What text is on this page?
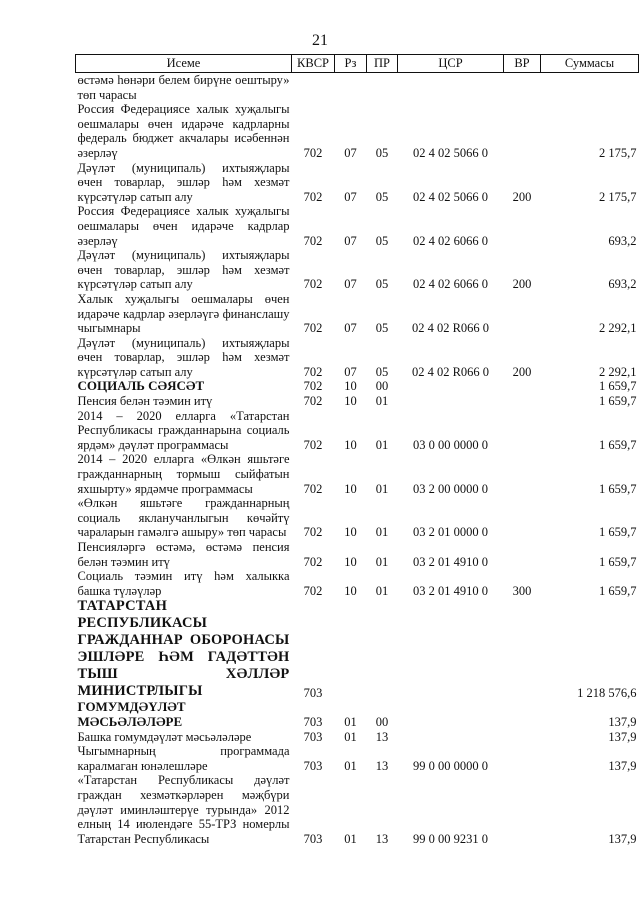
21
Исеме	КВСР	Рз	ПР	ЦСР	ВР	Суммасы
өстәмә һөнәри белем бирүне оештыру» төп чарасы						
Россия Федерациясе халык хуҗалыгы оешмалары өчен идарәче кадрларны федераль бюджет акчалары исәбеннән әзерләү	702	07	05	02 4 02 5066 0		2 175,7
Дәүләт (муниципаль) ихтыяҗлары өчен товарлар, эшләр һәм хезмәт күрсәтүләр сатып алу	702	07	05	02 4 02 5066 0	200	2 175,7
Россия Федерациясе халык хуҗалыгы оешмалары өчен идарәче кадрлар әзерләү	702	07	05	02 4 02 6066 0		693,2
Дәүләт (муниципаль) ихтыяҗлары өчен товарлар, эшләр һәм хезмәт күрсәтүләр сатып алу	702	07	05	02 4 02 6066 0	200	693,2
Халык хуҗалыгы оешмалары өчен идарәче кадрлар әзерләүгә финанслашу чыгымнары	702	07	05	02 4 02 R066 0		2 292,1
Дәүләт (муниципаль) ихтыяҗлары өчен товарлар, эшләр һәм хезмәт күрсәтүләр сатып алу	702	07	05	02 4 02 R066 0	200	2 292,1
СОЦИАЛЬ СӘЯСӘТ	702	10	00			1 659,7
Пенсия белән тәэмин итү	702	10	01			1 659,7
2014 – 2020 елларга «Татарстан Республикасы гражданнарына социаль ярдәм» дәүләт программасы	702	10	01	03 0 00 0000 0		1 659,7
2014 – 2020 елларга «Өлкән яшьтәге гражданнарның тормыш сыйфатын яхшырту» ярдәмче программасы	702	10	01	03 2 00 0000 0		1 659,7
«Өлкән яшьтәге гражданнарның социаль якланучанлыгын көчәйтү чараларын гамәлгә ашыру» төп чарасы	702	10	01	03 2 01 0000 0		1 659,7
Пенсияләргә өстәмә, өстәмә пенсия белән тәэмин итү	702	10	01	03 2 01 4910 0		1 659,7
Социаль тәэмин итү һәм халыкка башка түләүләр	702	10	01	03 2 01 4910 0	300	1 659,7
ТАТАРСТАН РЕСПУБЛИКАСЫ ГРАЖДАННАР ОБОРОНАСЫ ЭШЛӘРЕ ҺӘМ ГАДӘТТӘН ТЫШ ХӘЛЛӘР МИНИСТРЛЫГЫ	703					1 218 576,6
ГОМУМДӘҮЛӘТ МӘСЬӘЛӘЛӘРЕ	703	01	00			137,9
Башка гомумдәүләт мәсьәләләре	703	01	13			137,9
Чыгымнарның программада каралмаган юнәлешләре	703	01	13	99 0 00 0000 0		137,9
«Татарстан Республикасы дәүләт граждан хезмәткәрләрен мәҗбүри дәүләт иминләштерүе турында» 2012 елның 14 июлендәге 55-ТРЗ номерлы Татарстан Республикасы	703	01	13	99 0 00 9231 0		137,9
